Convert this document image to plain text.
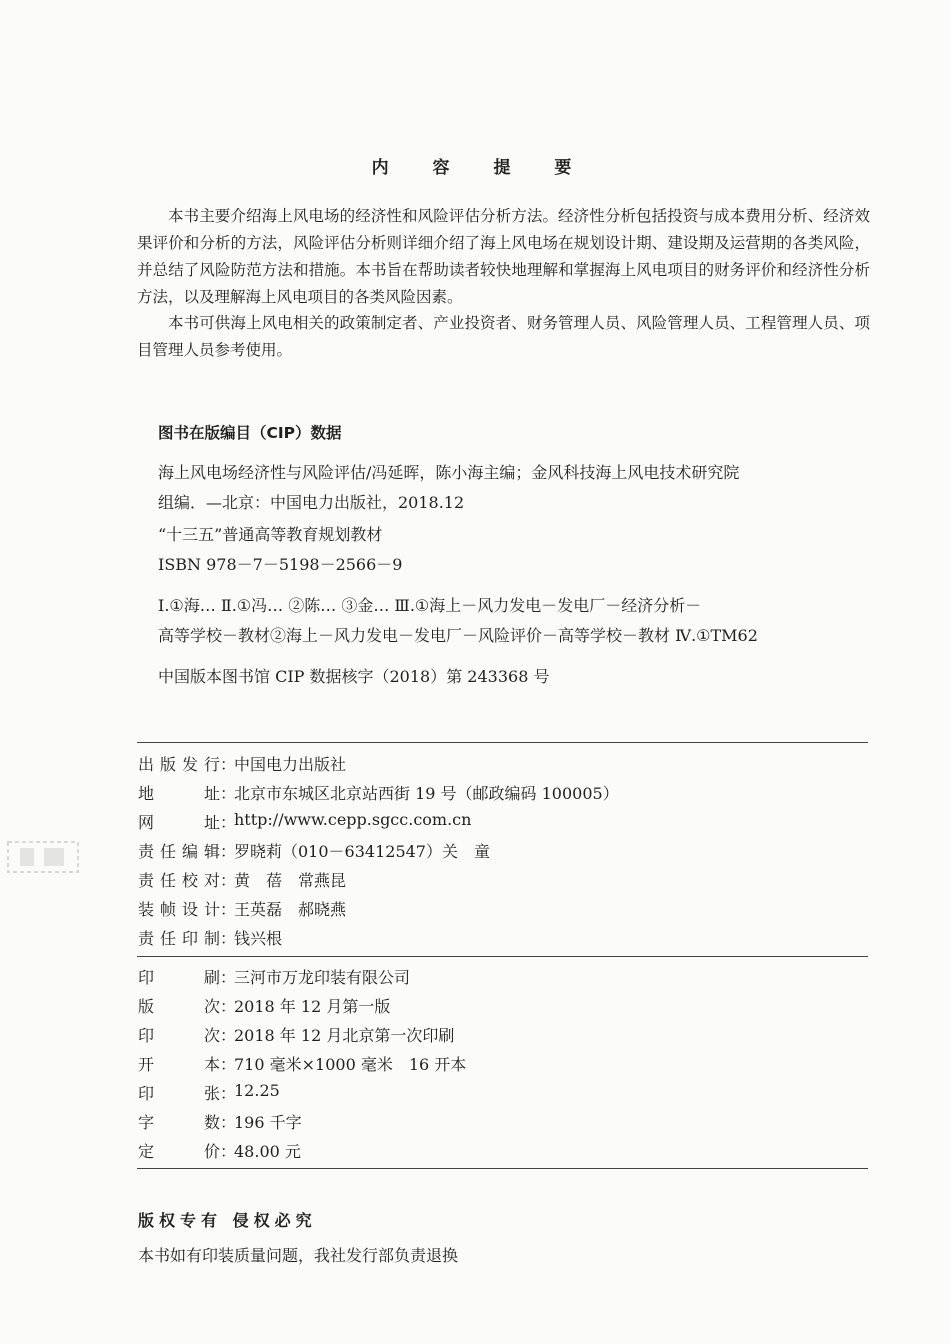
内 容 提 要

本书主要介绍海上风电场的经济性和风险评估分析方法。经济性分析包括投资与成本费用分析、经济效果评价和分析的方法，风险评估分析则详细介绍了海上风电场在规划设计期、建设期及运营期的各类风险，并总结了风险防范方法和措施。本书旨在帮助读者较快地理解和掌握海上风电项目的财务评价和经济性分析方法，以及理解海上风电项目的各类风险因素。

本书可供海上风电相关的政策制定者、产业投资者、财务管理人员、风险管理人员、工程管理人员、项目管理人员参考使用。

图书在版编目（CIP）数据
海上风电场经济性与风险评估/冯延晖，陈小海主编；金风科技海上风电技术研究院
组编．—北京：中国电力出版社，2018.12
“十三五”普通高等教育规划教材
ISBN 978－7－5198－2566－9
Ⅰ.①海… Ⅱ.①冯… ②陈… ③金… Ⅲ.①海上－风力发电－发电厂－经济分析－
高等学校－教材②海上－风力发电－发电厂－风险评价－高等学校－教材 Ⅳ.①TM62
中国版本图书馆 CIP 数据核字（2018）第 243368 号
出版发行 ：
中国电力出版社
地址 ：
北京市东城区北京站西街 19 号（邮政编码 100005）
网址 ：
http://www.cepp.sgcc.com.cn
责任编辑 ：
罗晓莉（010－63412547）关　童
责任校对 ：
黄　蓓　常燕昆
装帧设计 ：
王英磊　郝晓燕
责任印制 ：
钱兴根
印刷 ：
三河市万龙印装有限公司
版次 ：
2018 年 12 月第一版
印次 ：
2018 年 12 月北京第一次印刷
开本 ：
710 毫米×1000 毫米　16 开本
印张 ：
12.25
字数 ：
196 千字
定价 ：
48.00 元
版权专有 侵权必究
本书如有印装质量问题，我社发行部负责退换
